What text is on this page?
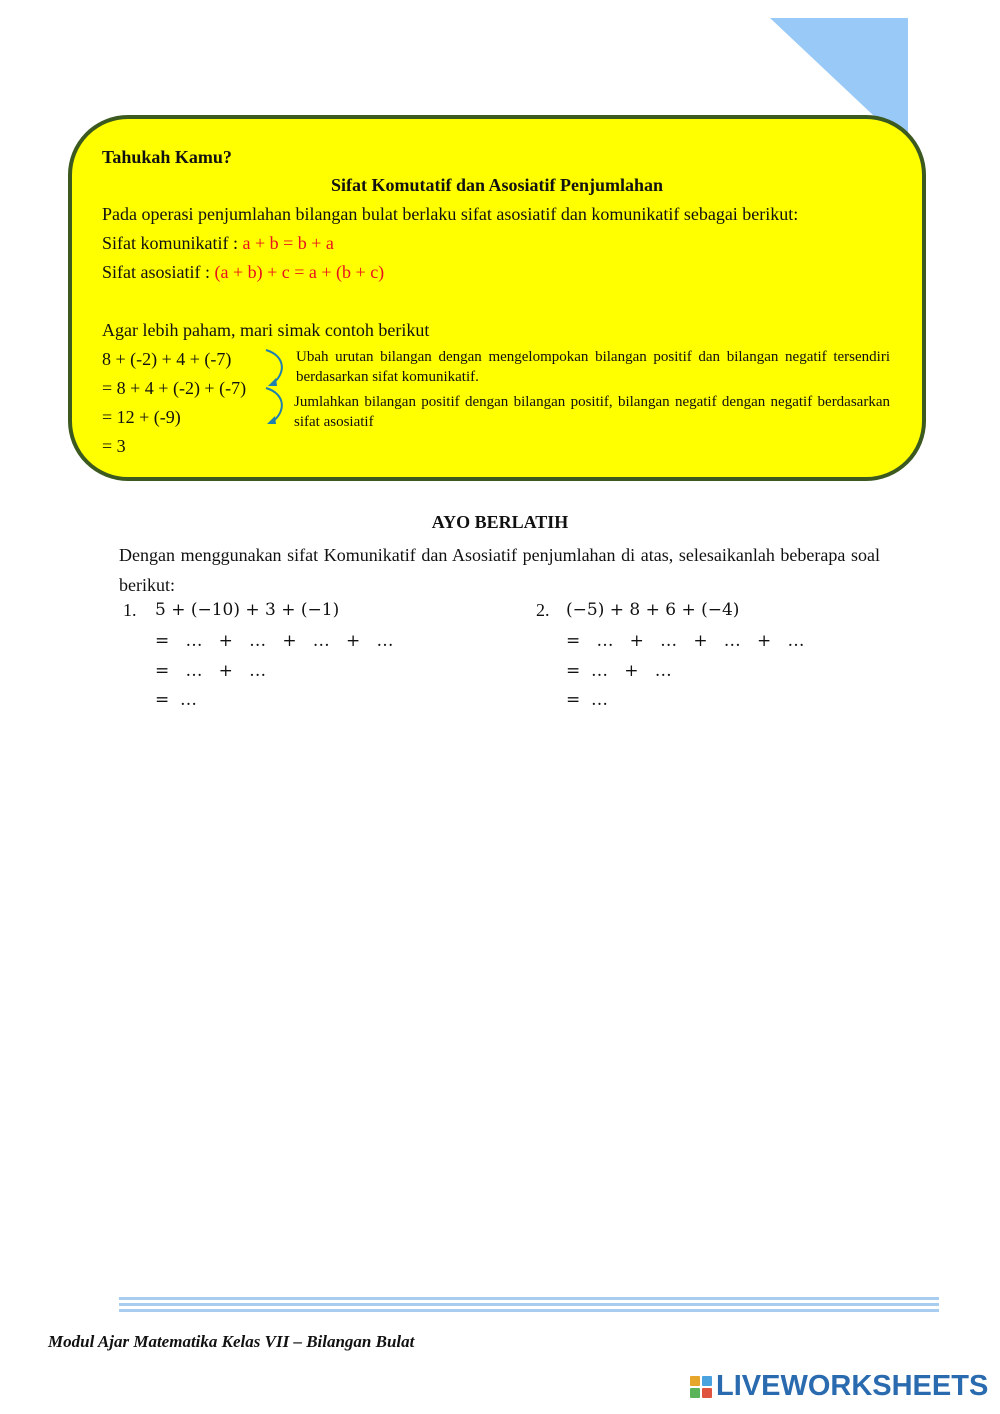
Tahukah Kamu?
Sifat Komutatif dan Asosiatif Penjumlahan
Pada operasi penjumlahan bilangan bulat berlaku sifat asosiatif dan komunikatif sebagai berikut:
Sifat komunikatif : a + b = b + a
Sifat asosiatif : (a + b) + c = a + (b + c)
Agar lebih paham, mari simak contoh berikut
8 + (-2) + 4 + (-7)
= 8 + 4 + (-2) + (-7)
= 12 + (-9)
= 3
Ubah urutan bilangan dengan mengelompokan bilangan positif dan bilangan negatif tersendiri berdasarkan sifat komunikatif.
Jumlahkan bilangan positif dengan bilangan positif, bilangan negatif dengan negatif berdasarkan sifat asosiatif
AYO BERLATIH
Dengan menggunakan sifat Komunikatif dan Asosiatif penjumlahan di atas, selesaikanlah beberapa soal berikut:
1. 5 + (−10) + 3 + (−1)
=   …   +   …   +   …   +   …
=   …   +   …
=  …
2. (−5) + 8 + 6 + (−4)
=   …   +   …   +   …   +   …
=  …   +   …
=  …
Modul Ajar Matematika Kelas VII – Bilangan Bulat
LIVEWORKSHEETS
